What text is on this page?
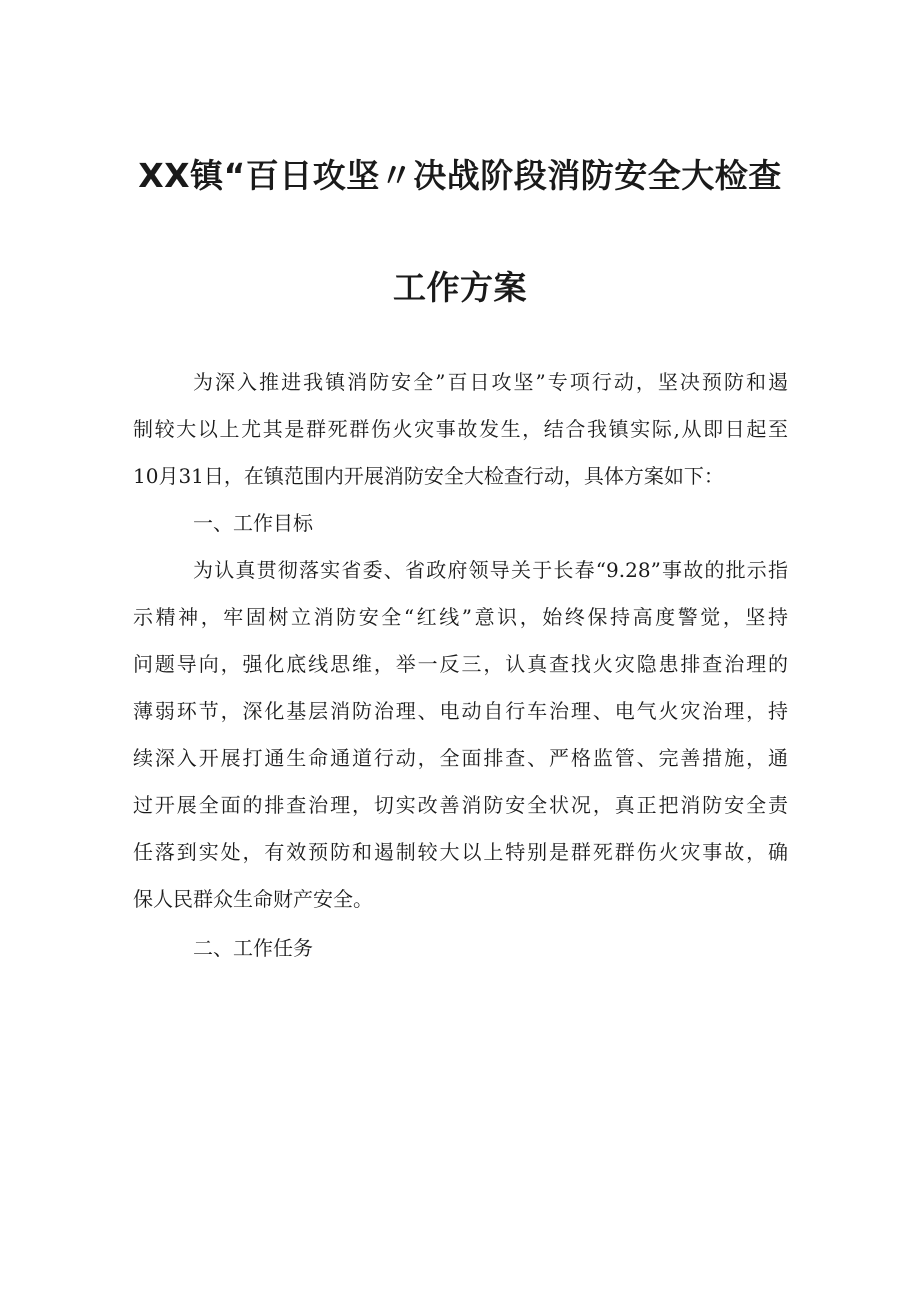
XX镇“百日攻坚〃决战阶段消防安全大检查
工作方案

为深入推进我镇消防安全”百日攻坚”专项行动，坚决预防和遏

制较大以上尤其是群死群伤火灾事故发生，结合我镇实际,从即日起至

10月31日，在镇范围内开展消防安全大检查行动，具体方案如下：

一、工作目标

为认真贯彻落实省委、省政府领导关于长春“9.28”事故的批示指

示精神，牢固树立消防安全“红线”意识，始终保持高度警觉，坚持

问题导向，强化底线思维，举一反三，认真查找火灾隐患排查治理的

薄弱环节，深化基层消防治理、电动自行车治理、电气火灾治理，持

续深入开展打通生命通道行动，全面排查、严格监管、完善措施，通

过开展全面的排查治理，切实改善消防安全状况，真正把消防安全责

任落到实处，有效预防和遏制较大以上特别是群死群伤火灾事故，确

保人民群众生命财产安全。

二、工作任务
